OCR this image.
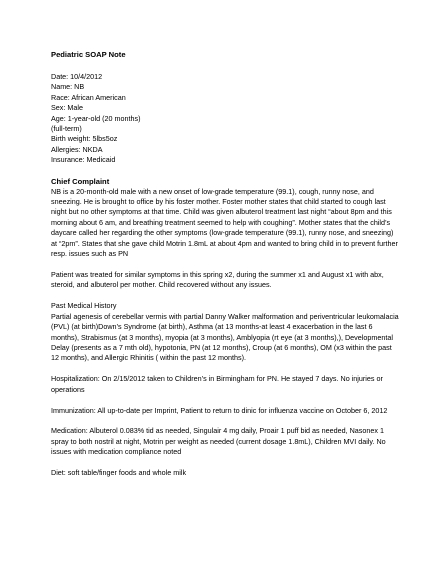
Pediatric SOAP Note

Date: 10/4/2012

Name: NB

Race: African American

Sex: Male

Age: 1-year-old (20 months)

(full-term)

Birth weight: 5lbs5oz

Allergies: NKDA

Insurance: Medicaid

Chief Complaint

NB is a 20-month-old male with a new onset of low-grade temperature (99.1), cough, runny nose, and sneezing. He is brought to office by his foster mother. Foster mother states that child started to cough last night but no other symptoms at that time. Child was given albuterol treatment last night “about 8pm and this morning about 6 am, and breathing treatment seemed to help with coughing”. Mother states that the child’s daycare called her regarding the other symptoms (low-grade temperature (99.1), runny nose, and sneezing) at “2pm”. States that she gave child Motrin 1.8mL at about 4pm and wanted to bring child in to prevent further resp. issues such as PN

Patient was treated for similar symptoms in this spring x2, during the summer x1 and August x1 with abx, steroid, and albuterol per mother. Child recovered without any issues.

Past Medical History

Partial agenesis of cerebellar vermis with partial Danny Walker malformation and periventricular leukomalacia (PVL) (at birth)Down’s Syndrome (at birth), Asthma (at 13 months-at least 4 exacerbation in the last 6 months), Strabismus (at 3 months), myopia (at 3 months), Amblyopia (rt eye (at 3 months),), Developmental Delay (presents as a 7 mth old), hypotonia, PN (at 12 months), Croup (at 6 months), OM (x3 within the past 12 months), and Allergic Rhinitis ( within the past 12 months).

Hospitalization: On 2/15/2012 taken to Children’s in Birmingham for PN. He stayed 7 days. No injuries or operations

Immunization: All up-to-date per Imprint, Patient to return to dinic for influenza vaccine on October 6, 2012

Medication: Albuterol 0.083% tid as needed, Singulair 4 mg daily, Proair 1 puff bid as needed, Nasonex 1 spray to both nostril at night, Motrin per weight as needed (current dosage 1.8mL), Children MVI daily. No issues with medication compliance noted

Diet: soft table/finger foods and whole milk
